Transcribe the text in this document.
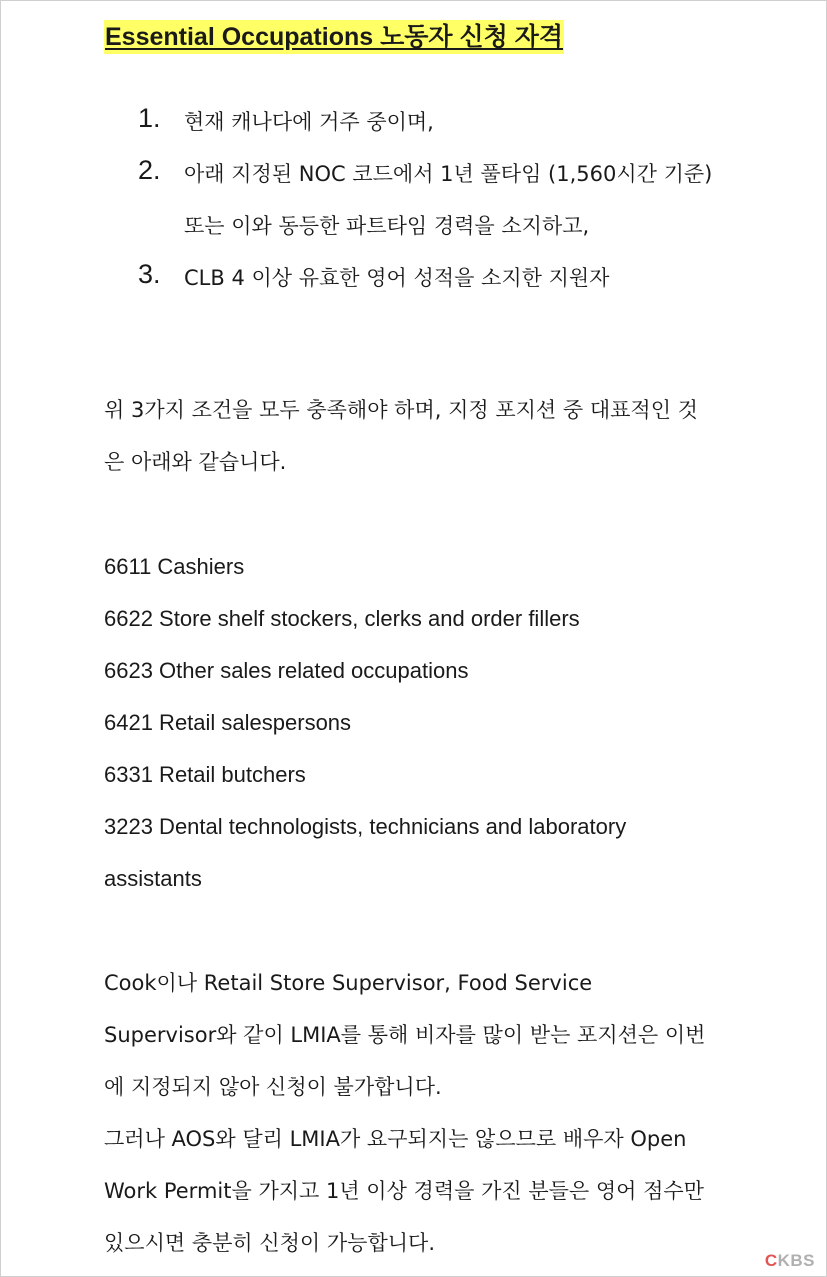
Essential Occupations 노동자 신청 자격
1. 현재 캐나다에 거주 중이며,
2. 아래 지정된 NOC 코드에서 1년 풀타임 (1,560시간 기준) 또는 이와 동등한 파트타임 경력을 소지하고,
3. CLB 4 이상 유효한 영어 성적을 소지한 지원자
위 3가지 조건을 모두 충족해야 하며, 지정 포지션 중 대표적인 것
은 아래와 같습니다.
6611 Cashiers
6622 Store shelf stockers, clerks and order fillers
6623 Other sales related occupations
6421 Retail salespersons
6331 Retail butchers
3223 Dental technologists, technicians and laboratory
assistants
Cook이나 Retail Store Supervisor, Food Service
Supervisor와 같이 LMIA를 통해 비자를 많이 받는 포지션은 이번
에 지정되지 않아 신청이 불가합니다.
그러나 AOS와 달리 LMIA가 요구되지는 않으므로 배우자 Open
Work Permit을 가지고 1년 이상 경력을 가진 분들은 영어 점수만
있으시면 충분히 신청이 가능합니다.
CKBS
